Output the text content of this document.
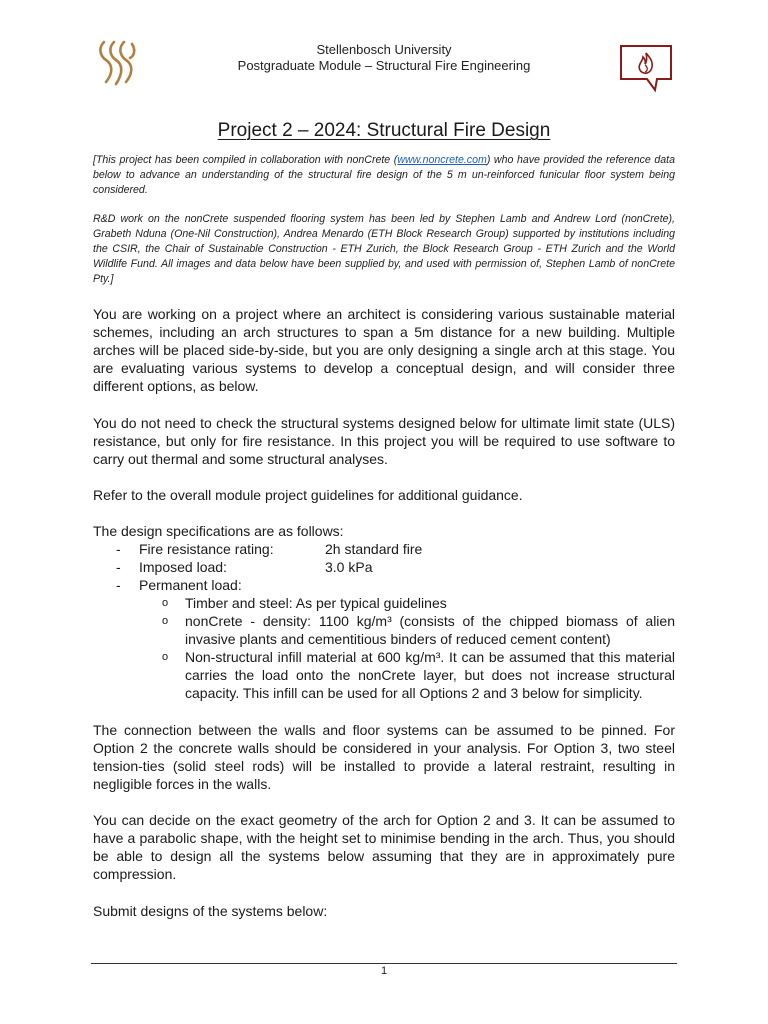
Stellenbosch University
Postgraduate Module – Structural Fire Engineering
Project 2 – 2024: Structural Fire Design
[This project has been compiled in collaboration with nonCrete (www.noncrete.com) who have provided the reference data below to advance an understanding of the structural fire design of the 5 m un-reinforced funicular floor system being considered.
R&D work on the nonCrete suspended flooring system has been led by Stephen Lamb and Andrew Lord (nonCrete), Grabeth Nduna (One-Nil Construction), Andrea Menardo (ETH Block Research Group) supported by institutions including the CSIR, the Chair of Sustainable Construction - ETH Zurich, the Block Research Group - ETH Zurich and the World Wildlife Fund. All images and data below have been supplied by, and used with permission of, Stephen Lamb of nonCrete Pty.]
You are working on a project where an architect is considering various sustainable material schemes, including an arch structures to span a 5m distance for a new building. Multiple arches will be placed side-by-side, but you are only designing a single arch at this stage. You are evaluating various systems to develop a conceptual design, and will consider three different options, as below.
You do not need to check the structural systems designed below for ultimate limit state (ULS) resistance, but only for fire resistance. In this project you will be required to use software to carry out thermal and some structural analyses.
Refer to the overall module project guidelines for additional guidance.
The design specifications are as follows:
- Fire resistance rating:	2h standard fire
- Imposed load:	3.0 kPa
- Permanent load:
o Timber and steel: As per typical guidelines
o nonCrete - density: 1100 kg/m³ (consists of the chipped biomass of alien invasive plants and cementitious binders of reduced cement content)
o Non-structural infill material at 600 kg/m³. It can be assumed that this material carries the load onto the nonCrete layer, but does not increase structural capacity. This infill can be used for all Options 2 and 3 below for simplicity.
The connection between the walls and floor systems can be assumed to be pinned. For Option 2 the concrete walls should be considered in your analysis. For Option 3, two steel tension-ties (solid steel rods) will be installed to provide a lateral restraint, resulting in negligible forces in the walls.
You can decide on the exact geometry of the arch for Option 2 and 3. It can be assumed to have a parabolic shape, with the height set to minimise bending in the arch. Thus, you should be able to design all the systems below assuming that they are in approximately pure compression.
Submit designs of the systems below:
1
